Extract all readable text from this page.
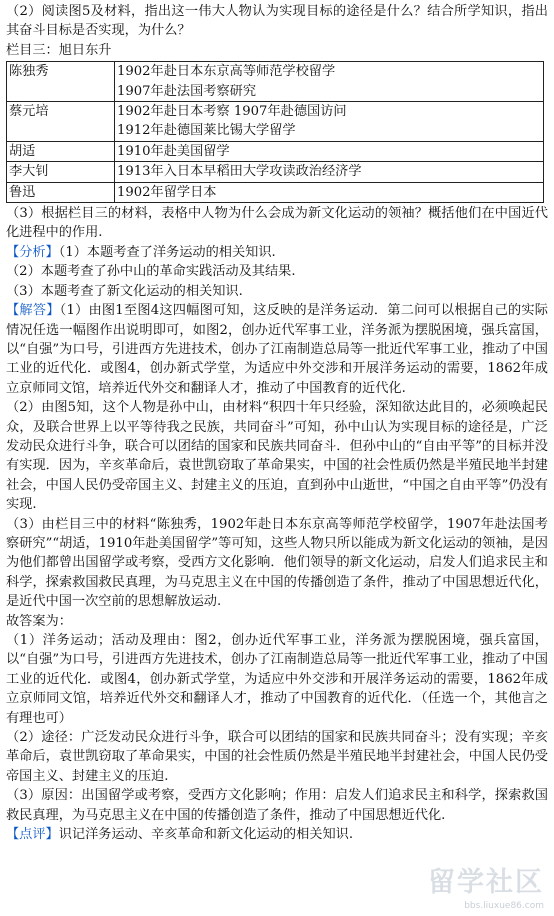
（2）阅读图5及材料，指出这一伟大人物认为实现目标的途径是什么？结合所学知识，指出其奋斗目标是否实现，为什么？

栏目三：旭日东升

陈独秀	1902年赴日本东京高等师范学校留学
1907年赴法国考察研究

蔡元培	1902年赴日本考察 1907年赴德国访问
1912年赴德国莱比锡大学留学

胡适	1910年赴美国留学

李大钊	1913年入日本早稻田大学攻读政治经济学

鲁迅	1902年留学日本

（3）根据栏目三的材料，表格中人物为什么会成为新文化运动的领袖？概括他们在中国近代化进程中的作用.

【分析】（1）本题考查了洋务运动的相关知识.

（2）本题考查了孙中山的革命实践活动及其结果.

（3）本题考查了新文化运动的相关知识.

【解答】（1）由图1至图4这四幅图可知，这反映的是洋务运动．第二问可以根据自己的实际情况任选一幅图作出说明即可，如图2，创办近代军事工业，洋务派为摆脱困境，强兵富国，以“自强”为口号，引进西方先进技术，创办了江南制造总局等一批近代军事工业，推动了中国工业的近代化．或图4，创办新式学堂，为适应中外交涉和开展洋务运动的需要，1862年成立京师同文馆，培养近代外交和翻译人才，推动了中国教育的近代化.

（2）由图5知，这个人物是孙中山，由材料“积四十年只经验，深知欲达此目的，必须唤起民众，及联合世界上以平等待我之民族，共同奋斗”可知，孙中山认为实现目标的途径是，广泛发动民众进行斗争，联合可以团结的国家和民族共同奋斗．但孙中山的“自由平等”的目标并没有实现．因为，辛亥革命后，袁世凯窃取了革命果实，中国的社会性质仍然是半殖民地半封建社会，中国人民仍受帝国主义、封建主义的压迫，直到孙中山逝世，“中国之自由平等”仍没有实现.

（3）由栏目三中的材料“陈独秀，1902年赴日本东京高等师范学校留学，1907年赴法国考察研究”“胡适，1910年赴美国留学”等可知，这些人物只所以能成为新文化运动的领袖，是因为他们都曾出国留学或考察，受西方文化影响．他们领导的新文化运动，启发人们追求民主和科学，探索救国救民真理，为马克思主义在中国的传播创造了条件，推动了中国思想近代化，是近代中国一次空前的思想解放运动.

故答案为：

（1）洋务运动；活动及理由：图2，创办近代军事工业，洋务派为摆脱困境，强兵富国，以“自强”为口号，引进西方先进技术，创办了江南制造总局等一批近代军事工业，推动了中国工业的近代化．或图4，创办新式学堂，为适应中外交涉和开展洋务运动的需要，1862年成立京师同文馆，培养近代外交和翻译人才，推动了中国教育的近代化．（任选一个，其他言之有理也可）

（2）途径：广泛发动民众进行斗争，联合可以团结的国家和民族共同奋斗；没有实现；辛亥革命后，袁世凯窃取了革命果实，中国的社会性质仍然是半殖民地半封建社会，中国人民仍受帝国主义、封建主义的压迫.

（3）原因：出国留学或考察，受西方文化影响；作用：启发人们追求民主和科学，探索救国救民真理，为马克思主义在中国的传播创造了条件，推动了中国思想近代化.

【点评】识记洋务运动、辛亥革命和新文化运动的相关知识.

留学社区
bbs.liuxue86.com
